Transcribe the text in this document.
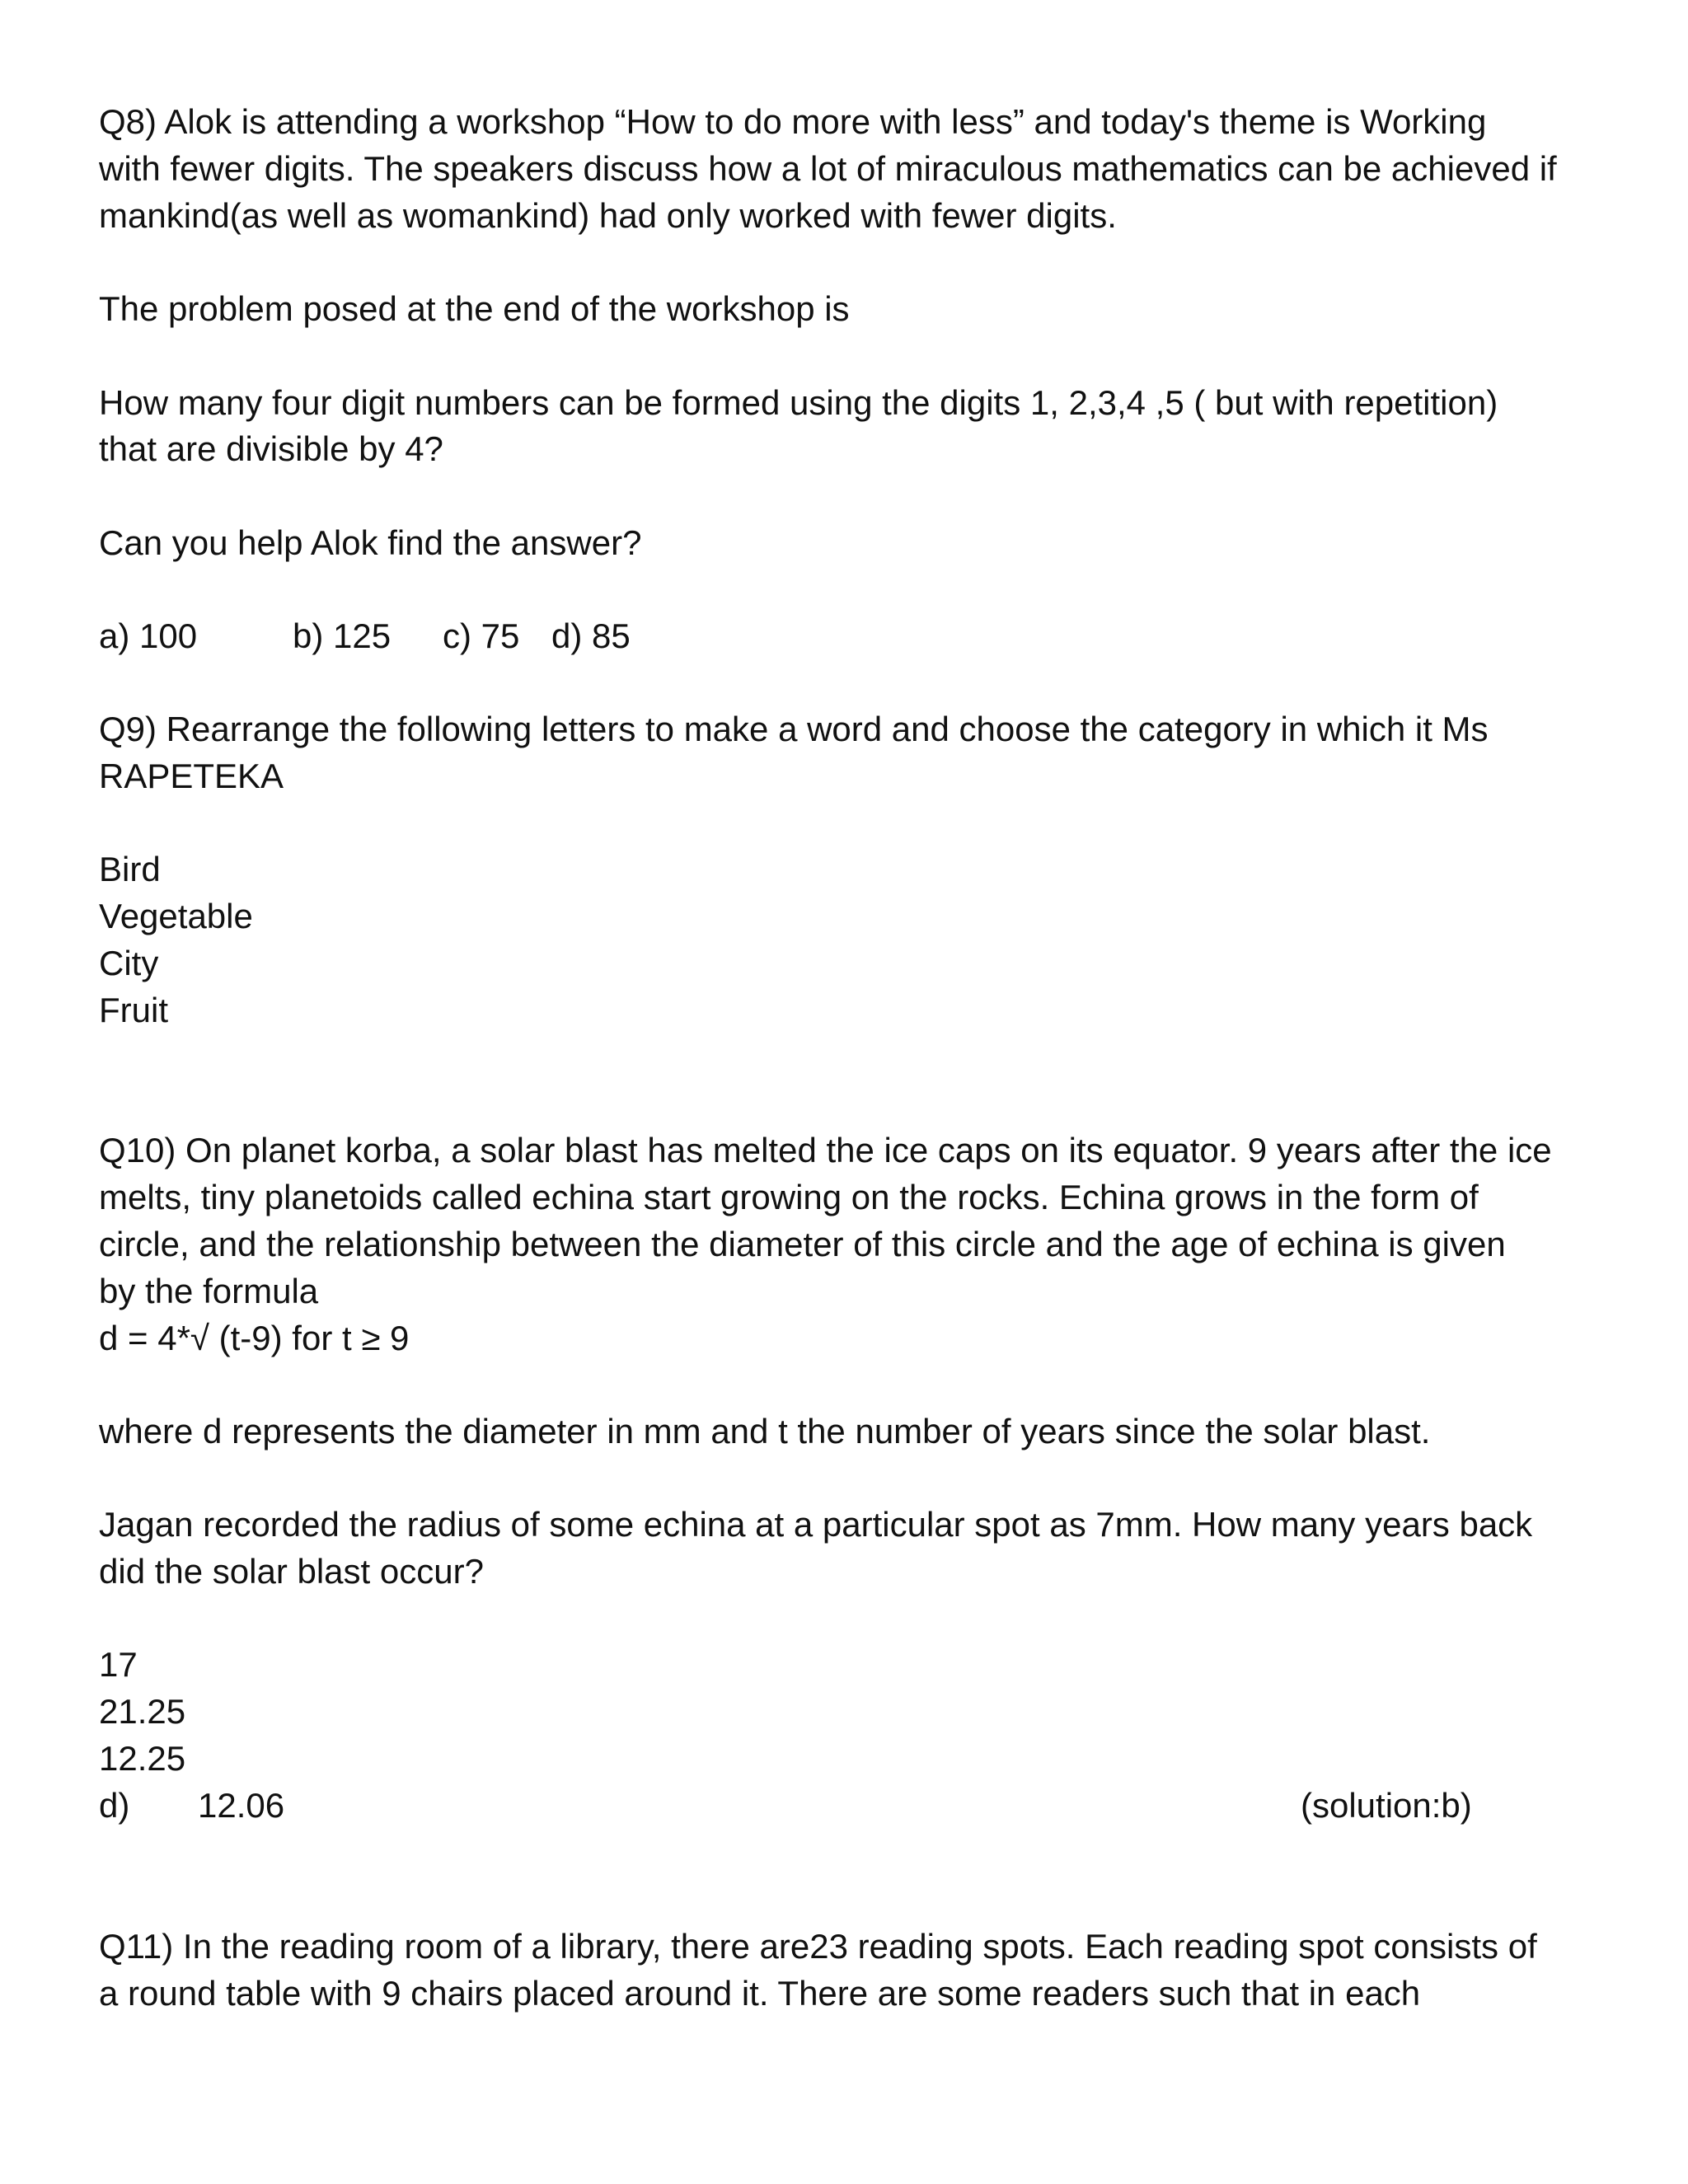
Q8) Alok is attending a workshop “How to do more with less” and today's theme is Working
with fewer digits. The speakers discuss how a lot of miraculous mathematics can be achieved if
mankind(as well as womankind) had only worked with fewer digits.
The problem posed at the end of the workshop is
How many four digit numbers can be formed using the digits 1, 2,3,4 ,5 ( but with repetition)
that are divisible by 4?
Can you help Alok find the answer?
a) 100	b) 125 c) 75 d) 85
Q9) Rearrange the following letters to make a word and choose the category in which it Ms
RAPETEKA
Bird
Vegetable
City
Fruit
Q10) On planet korba, a solar blast has melted the ice caps on its equator. 9 years after the ice
melts, tiny planetoids called echina start growing on the rocks. Echina grows in the form of
circle, and the relationship between the diameter of this circle and the age of echina is given
by the formula
d = 4*√ (t-9) for t ≥ 9
where d represents the diameter in mm and t the number of years since the solar blast.
Jagan recorded the radius of some echina at a particular spot as 7mm. How many years back
did the solar blast occur?
17
21.25
12.25
d) 12.06	(solution:b)
Q11) In the reading room of a library, there are23 reading spots. Each reading spot consists of
a round table with 9 chairs placed around it. There are some readers such that in each
